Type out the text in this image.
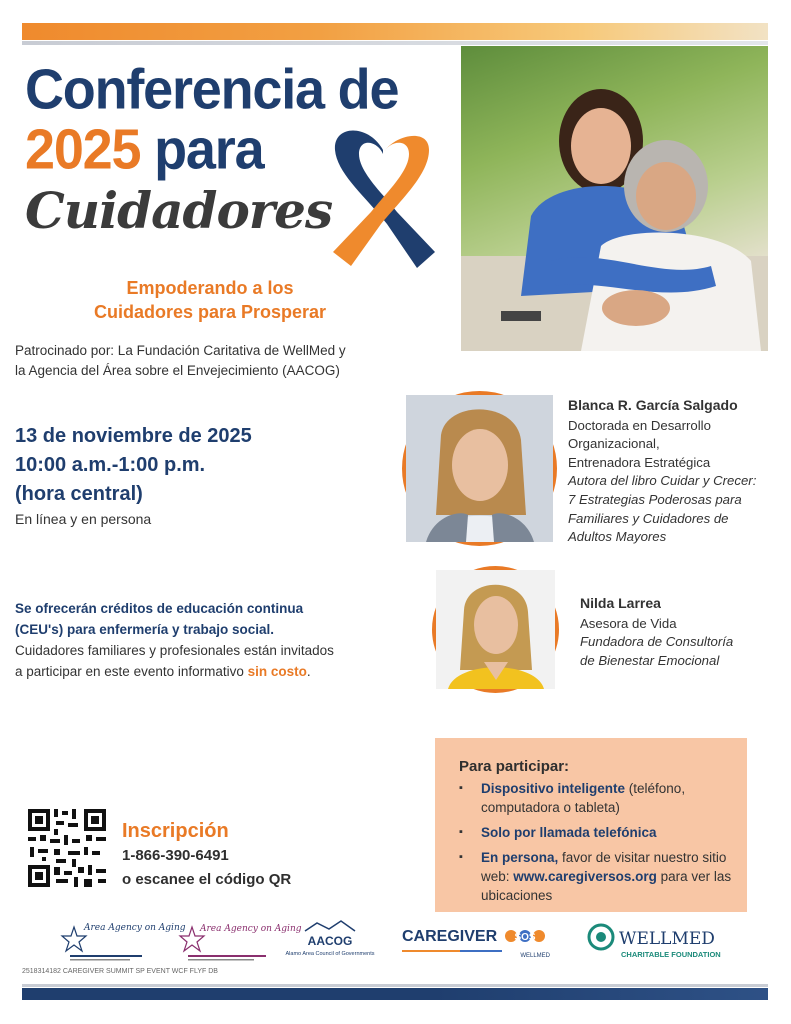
Conferencia de
2025 para
Cuidadores
Empoderando a los
Cuidadores para Prosperar
Patrocinado por: La Fundación Caritativa de WellMed y
la Agencia del Área sobre el Envejecimiento (AACOG)
13 de noviembre de 2025
10:00 a.m.-1:00 p.m.
(hora central)
En línea y en persona
Blanca R. García Salgado
Doctorada en Desarrollo
Organizacional,
Entrenadora Estratégica
Autora del libro Cuidar y Crecer:
7 Estrategias Poderosas para
Familiares y Cuidadores de
Adultos Mayores
Nilda Larrea
Asesora de Vida
Fundadora de Consultoría
de Bienestar Emocional
Se ofrecerán créditos de educación continua (CEU's) para enfermería y trabajo social. Cuidadores familiares y profesionales están invitados a participar en este evento informativo sin costo.
Para participar:
▪ Dispositivo inteligente (teléfono, computadora o tableta)
▪ Solo por llamada telefónica
▪ En persona, favor de visitar nuestro sitio web: www.caregiversos.org para ver las ubicaciones
Inscripción
1-866-390-6491
o escanee el código QR
Area Agency on Aging Area Agency on Aging
AACOG
Alamo Area Council of Governments
CAREGIVER SOS
WELLMED
WELLMED
CHARITABLE FOUNDATION
2518314182 CAREGIVER SUMMIT SP EVENT WCF FLYF DB
